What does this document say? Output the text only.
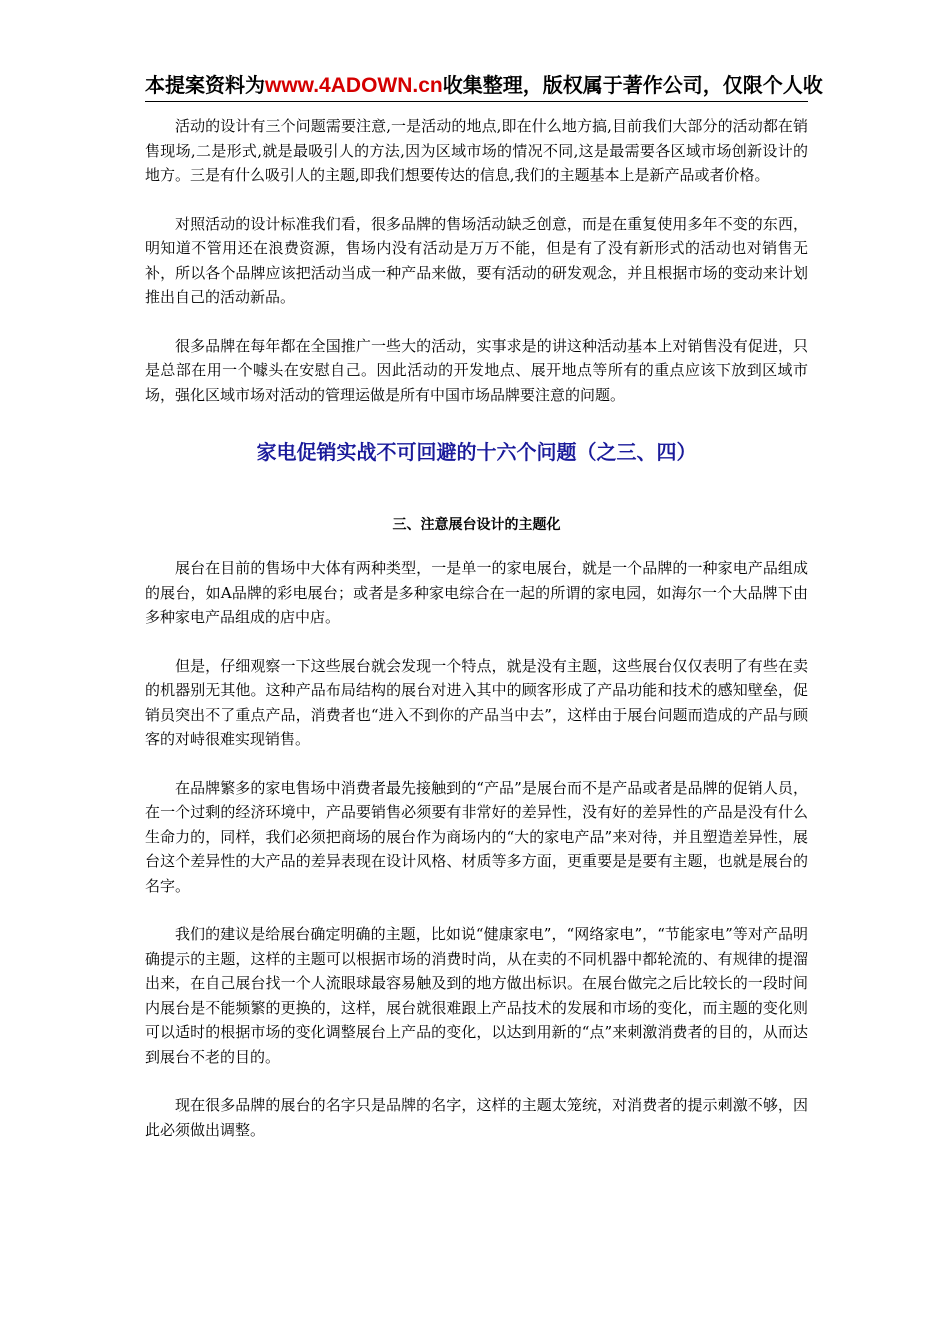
本提案资料为www.4ADOWN.cn收集整理，版权属于著作公司，仅限个人收

活动的设计有三个问题需要注意,一是活动的地点,即在什么地方搞,目前我们大部分的活动都在销售现场,二是形式,就是最吸引人的方法,因为区域市场的情况不同,这是最需要各区域市场创新设计的地方。三是有什么吸引人的主题,即我们想要传达的信息,我们的主题基本上是新产品或者价格。

对照活动的设计标准我们看，很多品牌的售场活动缺乏创意，而是在重复使用多年不变的东西，明知道不管用还在浪费资源，售场内没有活动是万万不能，但是有了没有新形式的活动也对销售无补，所以各个品牌应该把活动当成一种产品来做，要有活动的研发观念，并且根据市场的变动来计划推出自己的活动新品。

很多品牌在每年都在全国推广一些大的活动，实事求是的讲这种活动基本上对销售没有促进，只是总部在用一个噱头在安慰自己。因此活动的开发地点、展开地点等所有的重点应该下放到区域市场，强化区域市场对活动的管理运做是所有中国市场品牌要注意的问题。

家电促销实战不可回避的十六个问题（之三、四）
三、注意展台设计的主题化

展台在目前的售场中大体有两种类型，一是单一的家电展台，就是一个品牌的一种家电产品组成的展台，如A品牌的彩电展台；或者是多种家电综合在一起的所谓的家电园，如海尔一个大品牌下由多种家电产品组成的店中店。

但是，仔细观察一下这些展台就会发现一个特点，就是没有主题，这些展台仅仅表明了有些在卖的机器别无其他。这种产品布局结构的展台对进入其中的顾客形成了产品功能和技术的感知壁垒，促销员突出不了重点产品，消费者也“进入不到你的产品当中去”，这样由于展台问题而造成的产品与顾客的对峙很难实现销售。

在品牌繁多的家电售场中消费者最先接触到的“产品”是展台而不是产品或者是品牌的促销人员，在一个过剩的经济环境中，产品要销售必须要有非常好的差异性，没有好的差异性的产品是没有什么生命力的，同样，我们必须把商场的展台作为商场内的“大的家电产品”来对待，并且塑造差异性，展台这个差异性的大产品的差异表现在设计风格、材质等多方面，更重要是是要有主题，也就是展台的名字。

我们的建议是给展台确定明确的主题，比如说“健康家电”，“网络家电”，“节能家电”等对产品明确提示的主题，这样的主题可以根据市场的消费时尚，从在卖的不同机器中都轮流的、有规律的提溜出来，在自己展台找一个人流眼球最容易触及到的地方做出标识。在展台做完之后比较长的一段时间内展台是不能频繁的更换的，这样，展台就很难跟上产品技术的发展和市场的变化，而主题的变化则可以适时的根据市场的变化调整展台上产品的变化，以达到用新的“点”来刺激消费者的目的，从而达到展台不老的目的。

现在很多品牌的展台的名字只是品牌的名字，这样的主题太笼统，对消费者的提示刺激不够，因此必须做出调整。
